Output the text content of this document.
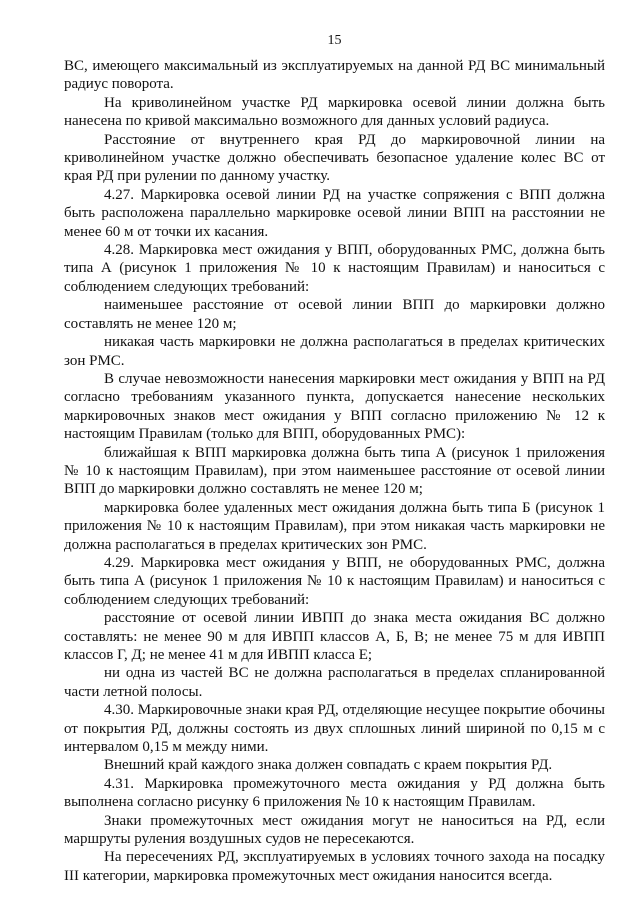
15

ВС, имеющего максимальный из эксплуатируемых на данной РД ВС минимальный радиус поворота.

На криволинейном участке РД маркировка осевой линии должна быть нанесена по кривой максимально возможного для данных условий радиуса.

Расстояние от внутреннего края РД до маркировочной линии на криволинейном участке должно обеспечивать безопасное удаление колес ВС от края РД при рулении по данному участку.

4.27. Маркировка осевой линии РД на участке сопряжения с ВПП должна быть расположена параллельно маркировке осевой линии ВПП на расстоянии не менее 60 м от точки их касания.

4.28. Маркировка мест ожидания у ВПП, оборудованных РМС, должна быть типа А (рисунок 1 приложения № 10 к настоящим Правилам) и наноситься с соблюдением следующих требований:

наименьшее расстояние от осевой линии ВПП до маркировки должно составлять не менее 120 м;

никакая часть маркировки не должна располагаться в пределах критических зон РМС.

В случае невозможности нанесения маркировки мест ожидания у ВПП на РД согласно требованиям указанного пункта, допускается нанесение нескольких маркировочных знаков мест ожидания у ВПП согласно приложению № 12 к настоящим Правилам (только для ВПП, оборудованных РМС):

ближайшая к ВПП маркировка должна быть типа А (рисунок 1 приложения № 10 к настоящим Правилам), при этом наименьшее расстояние от осевой линии ВПП до маркировки должно составлять не менее 120 м;

маркировка более удаленных мест ожидания должна быть типа Б (рисунок 1 приложения № 10 к настоящим Правилам), при этом никакая часть маркировки не должна располагаться в пределах критических зон РМС.

4.29. Маркировка мест ожидания у ВПП, не оборудованных РМС, должна быть типа А (рисунок 1 приложения № 10 к настоящим Правилам) и наноситься с соблюдением следующих требований:

расстояние от осевой линии ИВПП до знака места ожидания ВС должно составлять: не менее 90 м для ИВПП классов А, Б, В; не менее 75 м для ИВПП классов Г, Д; не менее 41 м для ИВПП класса Е;

ни одна из частей ВС не должна располагаться в пределах спланированной части летной полосы.

4.30. Маркировочные знаки края РД, отделяющие несущее покрытие обочины от покрытия РД, должны состоять из двух сплошных линий шириной по 0,15 м с интервалом 0,15 м между ними.

Внешний край каждого знака должен совпадать с краем покрытия РД.

4.31. Маркировка промежуточного места ожидания у РД должна быть выполнена согласно рисунку 6 приложения № 10 к настоящим Правилам.

Знаки промежуточных мест ожидания могут не наноситься на РД, если маршруты руления воздушных судов не пересекаются.

На пересечениях РД, эксплуатируемых в условиях точного захода на посадку III категории, маркировка промежуточных мест ожидания наносится всегда.
